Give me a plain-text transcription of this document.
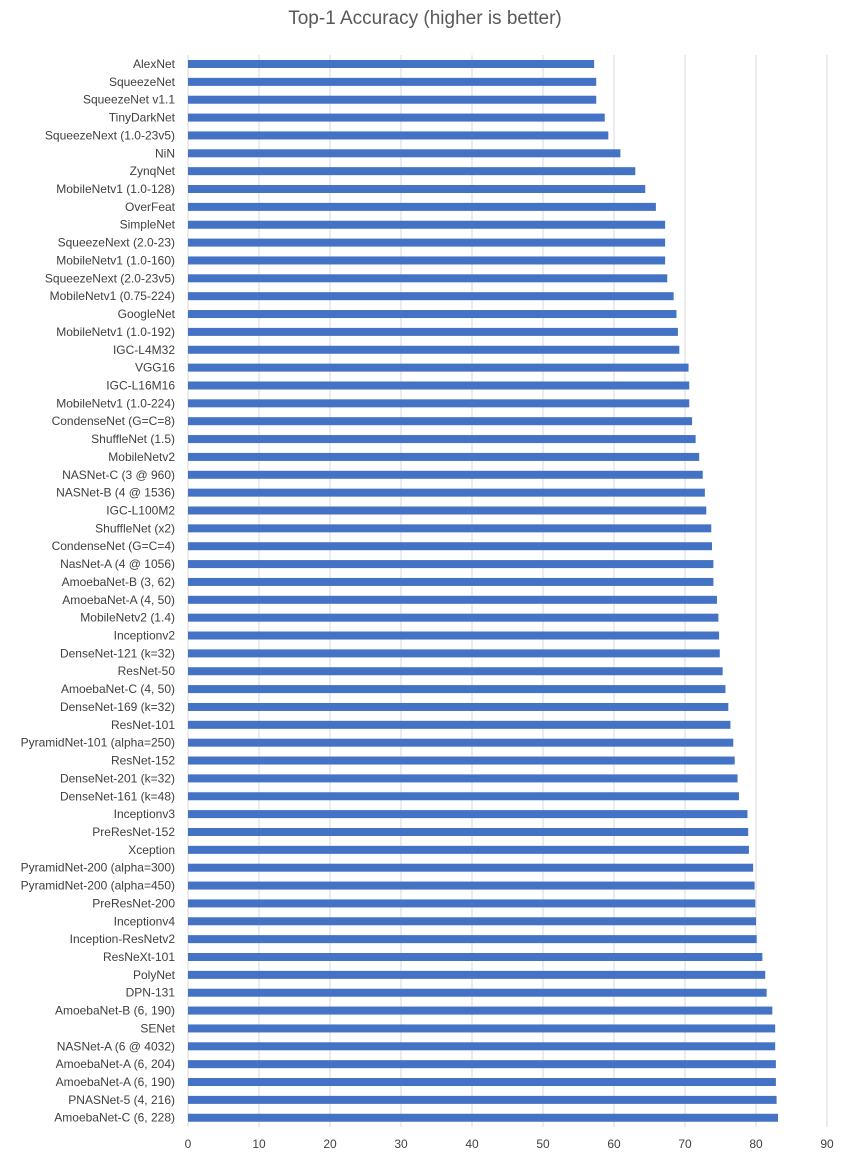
Top-1 Accuracy (higher is better)
AlexNet
SqueezeNet
SqueezeNet v1.1
TinyDarkNet
SqueezeNext (1.0-23v5)
NiN
ZynqNet
MobileNetv1 (1.0-128)
OverFeat
SimpleNet
SqueezeNext (2.0-23)
MobileNetv1 (1.0-160)
SqueezeNext (2.0-23v5)
MobileNetv1 (0.75-224)
GoogleNet
MobileNetv1 (1.0-192)
IGC-L4M32
VGG16
IGC-L16M16
MobileNetv1 (1.0-224)
CondenseNet (G=C=8)
ShuffleNet (1.5)
MobileNetv2
NASNet-C (3 @ 960)
NASNet-B (4 @ 1536)
IGC-L100M2
ShuffleNet (x2)
CondenseNet (G=C=4)
NasNet-A (4 @ 1056)
AmoebaNet-B (3, 62)
AmoebaNet-A (4, 50)
MobileNetv2 (1.4)
Inceptionv2
DenseNet-121 (k=32)
ResNet-50
AmoebaNet-C (4, 50)
DenseNet-169 (k=32)
ResNet-101
PyramidNet-101 (alpha=250)
ResNet-152
DenseNet-201 (k=32)
DenseNet-161 (k=48)
Inceptionv3
PreResNet-152
Xception
PyramidNet-200 (alpha=300)
PyramidNet-200 (alpha=450)
PreResNet-200
Inceptionv4
Inception-ResNetv2
ResNeXt-101
PolyNet
DPN-131
AmoebaNet-B (6, 190)
SENet
NASNet-A (6 @ 4032)
AmoebaNet-A (6, 204)
AmoebaNet-A (6, 190)
PNASNet-5 (4, 216)
AmoebaNet-C (6, 228)
0	10	20	30	40	50	60	70	80	90
